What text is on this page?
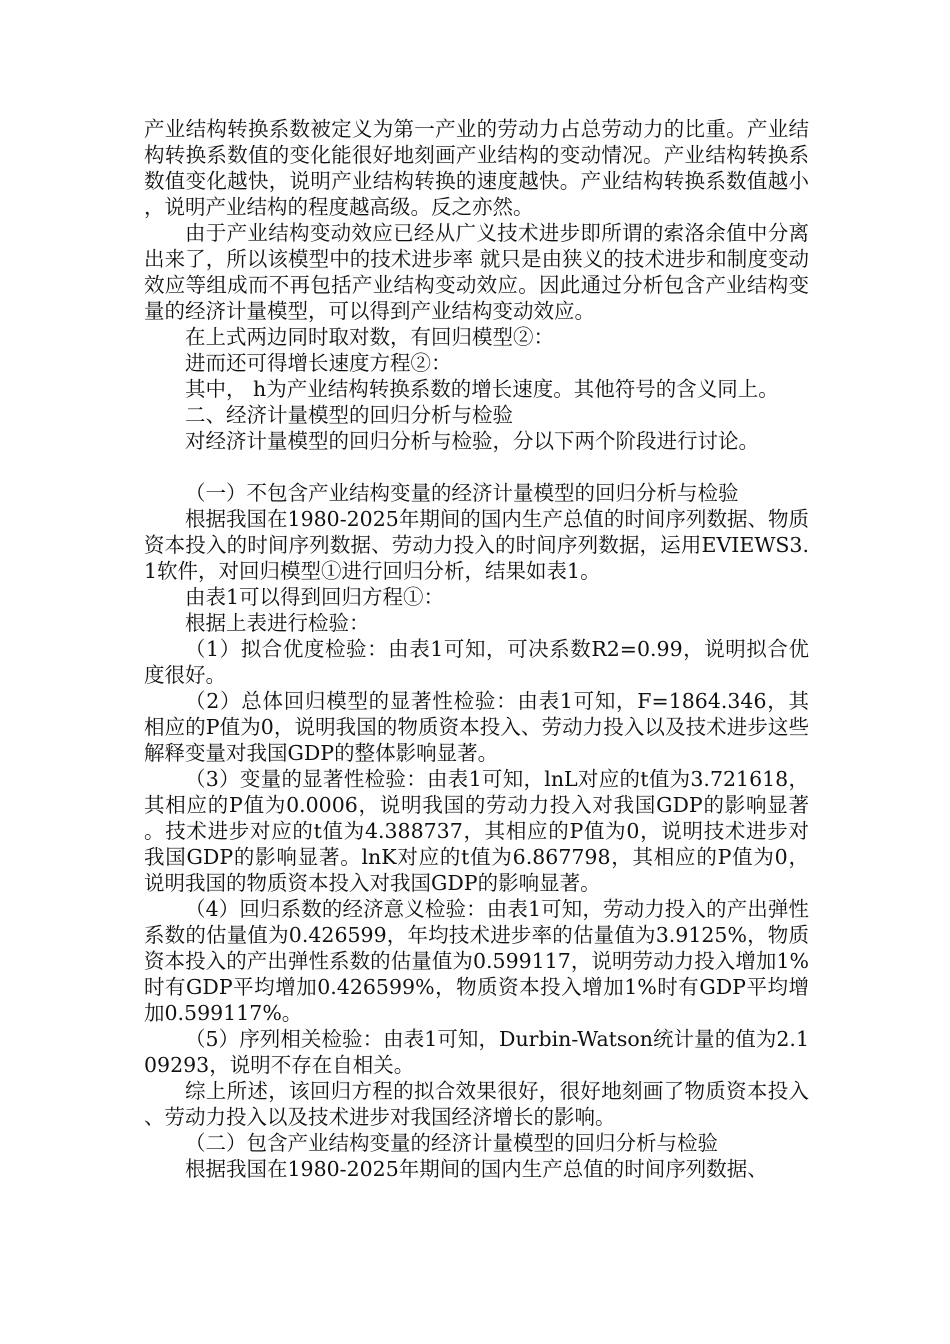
产业结构转换系数被定义为第一产业的劳动力占总劳动力的比重。产业结构转换系数值的变化能很好地刻画产业结构的变动情况。产业结构转换系数值变化越快，说明产业结构转换的速度越快。产业结构转换系数值越小，说明产业结构的程度越高级。反之亦然。

由于产业结构变动效应已经从广义技术进步即所谓的索洛余值中分离出来了，所以该模型中的技术进步率 就只是由狭义的技术进步和制度变动效应等组成而不再包括产业结构变动效应。因此通过分析包含产业结构变量的经济计量模型，可以得到产业结构变动效应。

在上式两边同时取对数，有回归模型②：

进而还可得增长速度方程②：

其中， h为产业结构转换系数的增长速度。其他符号的含义同上。

二、经济计量模型的回归分析与检验

对经济计量模型的回归分析与检验，分以下两个阶段进行讨论。

（一）不包含产业结构变量的经济计量模型的回归分析与检验

根据我国在1980-2025年期间的国内生产总值的时间序列数据、物质资本投入的时间序列数据、劳动力投入的时间序列数据，运用EVIEWS3.1软件，对回归模型①进行回归分析，结果如表1。

由表1可以得到回归方程①：

根据上表进行检验：

（1）拟合优度检验：由表1可知，可决系数R2=0.99，说明拟合优度很好。

（2）总体回归模型的显著性检验：由表1可知，F=1864.346，其相应的P值为0，说明我国的物质资本投入、劳动力投入以及技术进步这些解释变量对我国GDP的整体影响显著。

（3）变量的显著性检验：由表1可知，lnL对应的t值为3.721618，其相应的P值为0.0006，说明我国的劳动力投入对我国GDP的影响显著。技术进步对应的t值为4.388737，其相应的P值为0，说明技术进步对我国GDP的影响显著。lnK对应的t值为6.867798，其相应的P值为0，说明我国的物质资本投入对我国GDP的影响显著。

（4）回归系数的经济意义检验：由表1可知，劳动力投入的产出弹性系数的估量值为0.426599，年均技术进步率的估量值为3.9125%，物质资本投入的产出弹性系数的估量值为0.599117，说明劳动力投入增加1%时有GDP平均增加0.426599%，物质资本投入增加1%时有GDP平均增加0.599117%。

（5）序列相关检验：由表1可知，Durbin-Watson统计量的值为2.109293，说明不存在自相关。

综上所述，该回归方程的拟合效果很好，很好地刻画了物质资本投入、劳动力投入以及技术进步对我国经济增长的影响。

（二）包含产业结构变量的经济计量模型的回归分析与检验

根据我国在1980-2025年期间的国内生产总值的时间序列数据、
